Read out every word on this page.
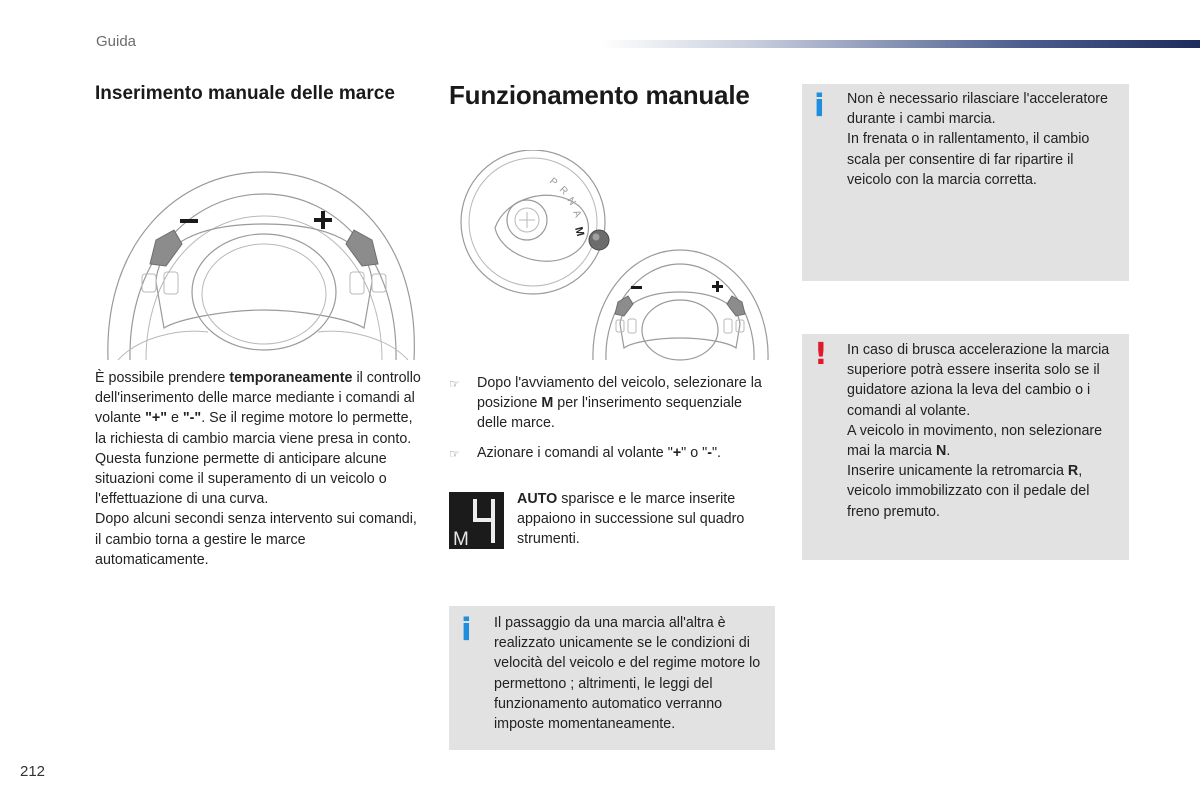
Guida
Inserimento manuale delle marce
È possibile prendere temporaneamente il controllo dell'inserimento delle marce mediante i comandi al volante "+" e "-". Se il regime motore lo permette, la richiesta di cambio marcia viene presa in conto.
Questa funzione permette di anticipare alcune situazioni come il superamento di un veicolo o l'effettuazione di una curva.
Dopo alcuni secondi senza intervento sui comandi, il cambio torna a gestire le marce automaticamente.
Funzionamento manuale
P
R
N
A
M
☞ Dopo l'avviamento del veicolo, selezionare la posizione M per l'inserimento sequenziale delle marce.
☞ Azionare i comandi al volante "+" o "-".
M
AUTO sparisce e le marce inserite appaiono in successione sul quadro strumenti.
i Il passaggio da una marcia all'altra è realizzato unicamente se le condizioni di velocità del veicolo e del regime motore lo permettono ; altrimenti, le leggi del funzionamento automatico verranno imposte momentaneamente.
i Non è necessario rilasciare l'acceleratore durante i cambi marcia.
In frenata o in rallentamento, il cambio scala per consentire di far ripartire il veicolo con la marcia corretta.
! In caso di brusca accelerazione la marcia superiore potrà essere inserita solo se il guidatore aziona la leva del cambio o i comandi al volante.
A veicolo in movimento, non selezionare mai la marcia N.
Inserire unicamente la retromarcia R, veicolo immobilizzato con il pedale del freno premuto.
212
